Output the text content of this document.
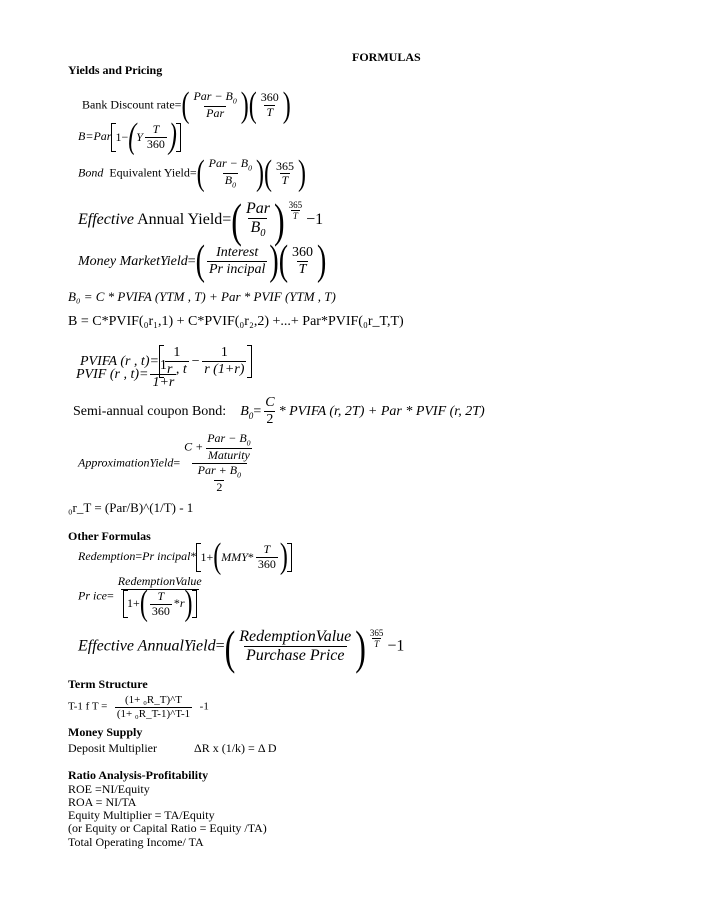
FORMULAS
Yields and Pricing
Bank Discount rate= ( $\frac{Par - B_0}{\text{Par}}$ ) ( $\frac{360}{T}$ )
B=Par 1− ( Y $\frac{T}{360}$ )
Bond Equivalent Yield= ( $\frac{Par - B_0}{B_0}$ ) ( $\frac{365}{T}$ )
Effective Annual Yield= ( $\frac{\text{Par}}{B_0}$ ) $\frac{365}{T} -1$
Money MarketYield= ( $\frac{\text{Interest}}{\text{Pr incipal}}$ ) ( $\frac{360}{T}$ )
B₀ = C * PVIFA (YTM , T) + Par * PVIF (YTM , T)
B = C*PVIF(₀r₁,1) + C*PVIF(₀r₂,2) +...+ Par*PVIF(₀r_T,T)
PVIFA (r , $t)= \frac{1}{r , t} - \frac{1}{r (1+r)}$
PVIF (r , $t)= \frac{1}{1+r}$
Semi-annual coupon Bond: $B_0= \frac{C}{2}$ * PVIFA (r, 2T) + Par * PVIF (r, 2T)
ApproximationYield= $\frac{C + \frac{Par - B_0}{\text{Maturity}}}{\frac{Par + B_0}{2}}$
₀r_T = (Par/B)^(1/T) - 1
Other Formulas
Redemption=Pr incipal* 1+ ( MMY * $\frac{T}{360}$ )
Pr $ice= \frac{\text{RedemptionValue}}{1+ ( \frac{T}{360} * r )}$
Effective AnnualYield= ( $\frac{\text{RedemptionValue}}{\text{Purchase Price}}$ ) $\frac{365}{T} -1$
Term Structure
T-1 f $T = \frac{\text{(1+ ₀R\_T)\textasciicircum{}T}}{\text{(1+ ₀R\_T-1)\textasciicircum{}T-1}} -1$
Money Supply
Deposit Multiplier	ΔR x (1/k) = Δ D
Ratio Analysis-Profitability
ROE =NI/Equity
ROA = NI/TA
Equity Multiplier = TA/Equity
(or Equity or Capital Ratio = Equity /TA)
Total Operating Income/ TA
